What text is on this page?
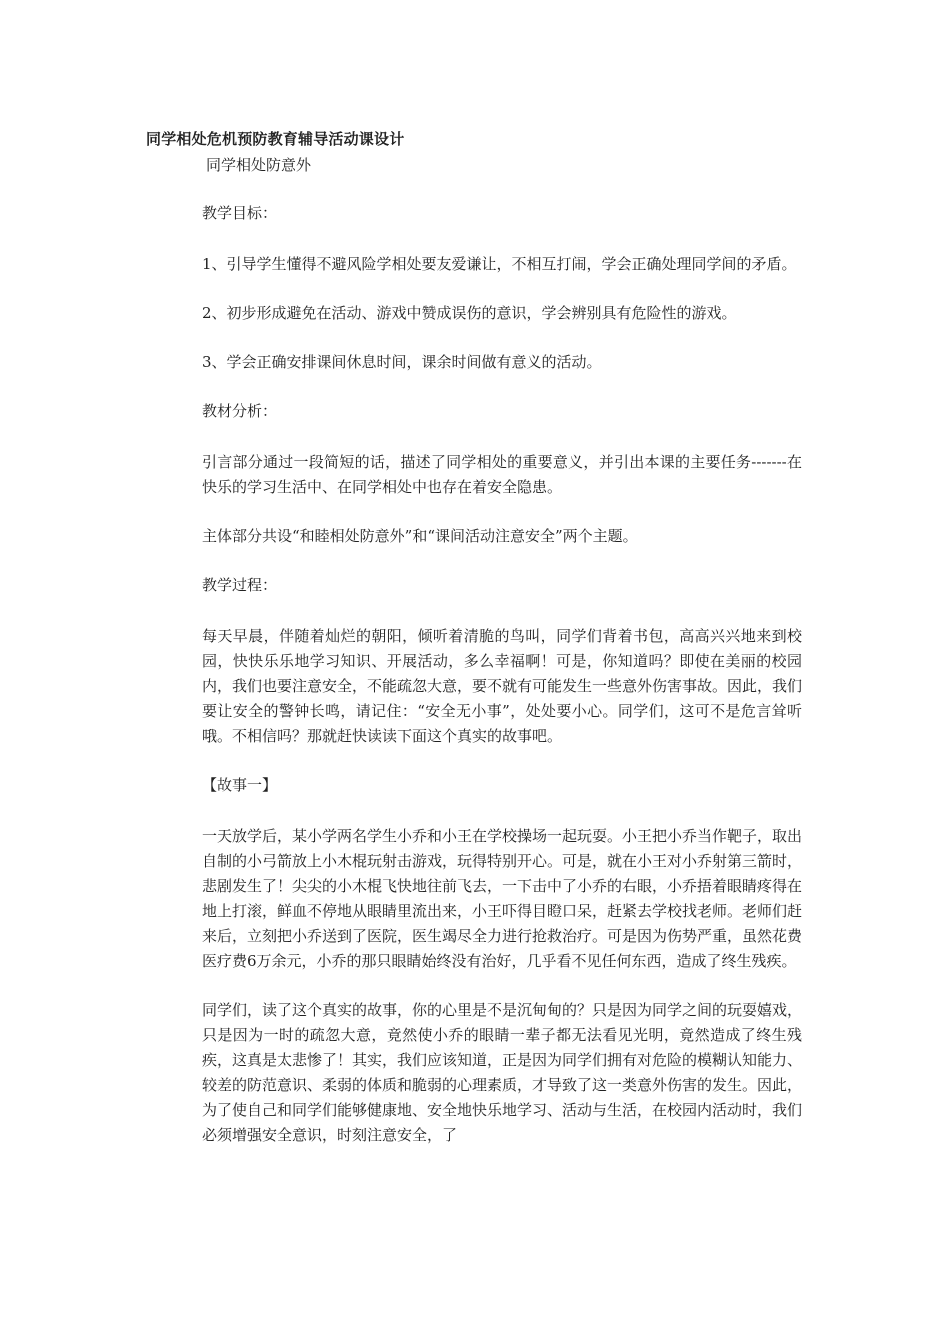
同学相处危机预防教育辅导活动课设计
同学相处防意外

教学目标：

1、引导学生懂得不避风险学相处要友爱谦让，不相互打闹，学会正确处理同学间的矛盾。

2、初步形成避免在活动、游戏中赞成误伤的意识，学会辨别具有危险性的游戏。

3、学会正确安排课间休息时间，课余时间做有意义的活动。

教材分析：

引言部分通过一段简短的话，描述了同学相处的重要意义，并引出本课的主要任务-------在快乐的学习生活中、在同学相处中也存在着安全隐患。

主体部分共设“和睦相处防意外”和“课间活动注意安全”两个主题。

教学过程：

每天早晨，伴随着灿烂的朝阳，倾听着清脆的鸟叫，同学们背着书包，高高兴兴地来到校园，快快乐乐地学习知识、开展活动，多么幸福啊！可是，你知道吗？即使在美丽的校园内，我们也要注意安全，不能疏忽大意，要不就有可能发生一些意外伤害事故。因此，我们要让安全的警钟长鸣，请记住：“安全无小事”，处处要小心。同学们，这可不是危言耸听哦。不相信吗？那就赶快读读下面这个真实的故事吧。

【故事一】

一天放学后，某小学两名学生小乔和小王在学校操场一起玩耍。小王把小乔当作靶子，取出自制的小弓箭放上小木棍玩射击游戏，玩得特别开心。可是，就在小王对小乔射第三箭时，悲剧发生了！尖尖的小木棍飞快地往前飞去，一下击中了小乔的右眼，小乔捂着眼睛疼得在地上打滚，鲜血不停地从眼睛里流出来，小王吓得目瞪口呆，赶紧去学校找老师。老师们赶来后，立刻把小乔送到了医院，医生竭尽全力进行抢救治疗。可是因为伤势严重，虽然花费医疗费6万余元，小乔的那只眼睛始终没有治好，几乎看不见任何东西，造成了终生残疾。

同学们，读了这个真实的故事，你的心里是不是沉甸甸的？只是因为同学之间的玩耍嬉戏，只是因为一时的疏忽大意，竟然使小乔的眼睛一辈子都无法看见光明，竟然造成了终生残疾，这真是太悲惨了！其实，我们应该知道，正是因为同学们拥有对危险的模糊认知能力、较差的防范意识、柔弱的体质和脆弱的心理素质，才导致了这一类意外伤害的发生。因此，为了使自己和同学们能够健康地、安全地快乐地学习、活动与生活，在校园内活动时，我们必须增强安全意识，时刻注意安全，了
